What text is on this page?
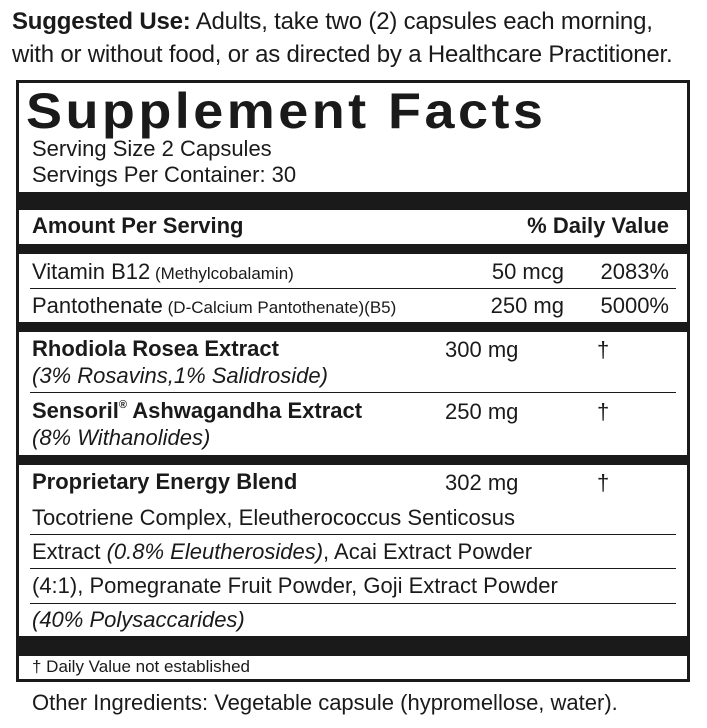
Suggested Use: Adults, take two (2) capsules each morning,
with or without food, or as directed by a Healthcare Practitioner.
Supplement Facts
Serving Size 2 Capsules
Servings Per Container: 30
Amount Per Serving	% Daily Value
Vitamin B12 (Methylcobalamin)	50 mcg 2083%
Pantothenate (D-Calcium Pantothenate)(B5)	250 mg 5000%
Rhodiola Rosea Extract	300 mg	†
(3% Rosavins,1% Salidroside)
Sensoril® Ashwagandha Extract	250 mg	†
(8% Withanolides)
Proprietary Energy Blend	302 mg	†
Tocotriene Complex, Eleutherococcus Senticosus
Extract (0.8% Eleutherosides), Acai Extract Powder
(4:1), Pomegranate Fruit Powder, Goji Extract Powder
(40% Polysaccarides)
† Daily Value not established
Other Ingredients: Vegetable capsule (hypromellose, water).
